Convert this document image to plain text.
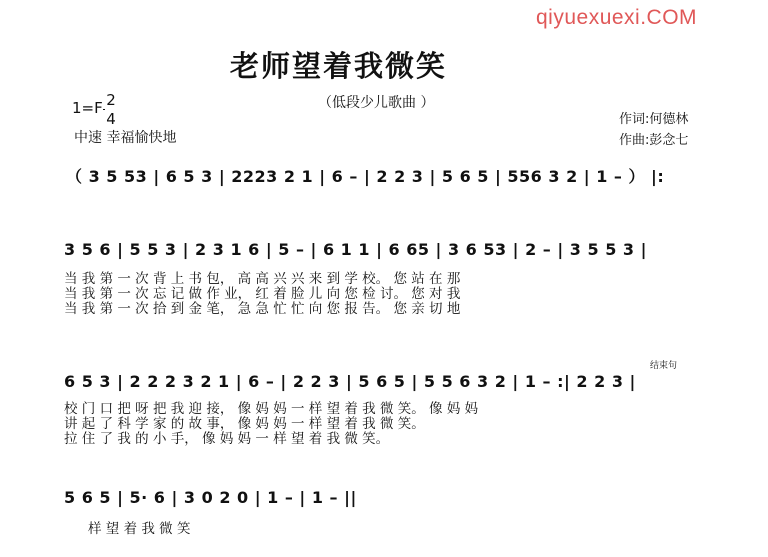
qiyuexuexi.COM
老师望着我微笑
（低段少儿歌曲 ）
1=F 2
4
中速 幸福愉快地
作词:何德林
作曲:彭念七
（ 3 5 53 | 6 5 3 | 2223 2 1 | 6 – | 2 2 3 | 5 6 5 | 556 3 2 | 1 – ） |:
3 5 6 | 5 5 3 | 2 3 1 6 | 5 – | 6 1 1 | 6 65 | 3 6 53 | 2 – | 3 5 5 3 |
当 我 第 一 次 背 上 书 包， 高 高 兴 兴 来 到 学 校。 您 站 在 那
当 我 第 一 次 忘 记 做 作 业， 红 着 脸 儿 向 您 检 讨。 您 对 我
当 我 第 一 次 拾 到 金 笔， 急 急 忙 忙 向 您 报 告。 您 亲 切 地
结束句
6 5 3 | 2 2 2 3 2 1 | 6 – | 2 2 3 | 5 6 5 | 5 5 6 3 2 | 1 – :| 2 2 3 |
校 门 口 把 呀 把 我 迎 接， 像 妈 妈 一 样 望 着 我 微 笑。 像 妈 妈
讲 起 了 科 学 家 的 故 事， 像 妈 妈 一 样 望 着 我 微 笑。
拉 住 了 我 的 小 手， 像 妈 妈 一 样 望 着 我 微 笑。
5 6 5 | 5· 6 | 3 0 2 0 | 1 – | 1 – ||
样 望 着 我 微 笑
